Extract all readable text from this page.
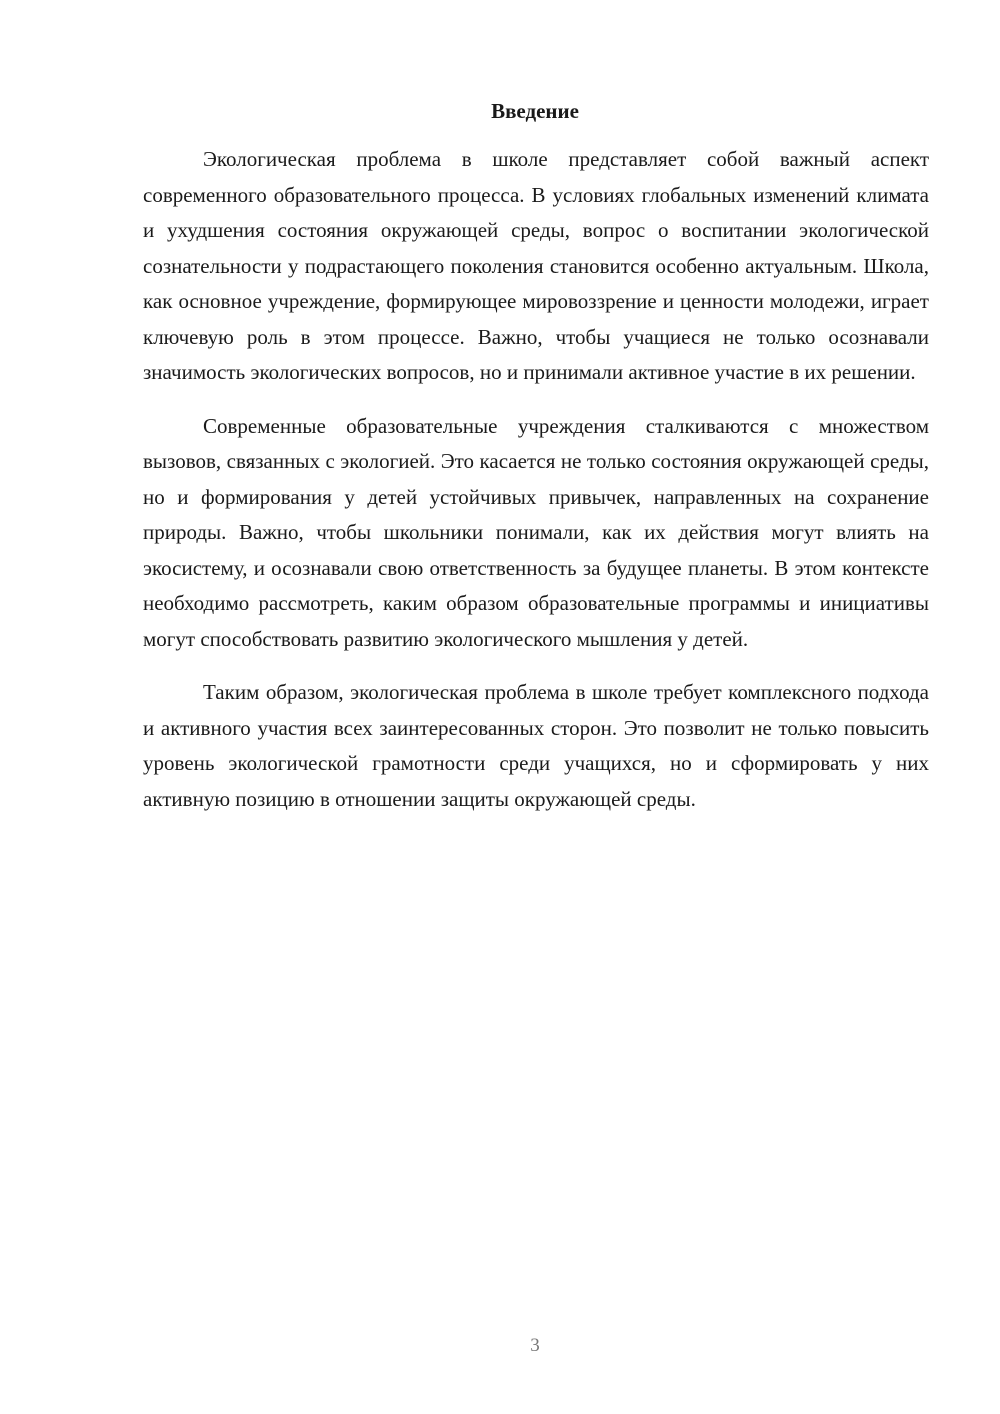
Введение

Экологическая проблема в школе представляет собой важный аспект современного образовательного процесса. В условиях глобальных изменений климата и ухудшения состояния окружающей среды, вопрос о воспитании экологической сознательности у подрастающего поколения становится особенно актуальным. Школа, как основное учреждение, формирующее мировоззрение и ценности молодежи, играет ключевую роль в этом процессе. Важно, чтобы учащиеся не только осознавали значимость экологических вопросов, но и принимали активное участие в их решении.

Современные образовательные учреждения сталкиваются с множеством вызовов, связанных с экологией. Это касается не только состояния окружающей среды, но и формирования у детей устойчивых привычек, направленных на сохранение природы. Важно, чтобы школьники понимали, как их действия могут влиять на экосистему, и осознавали свою ответственность за будущее планеты. В этом контексте необходимо рассмотреть, каким образом образовательные программы и инициативы могут способствовать развитию экологического мышления у детей.

Таким образом, экологическая проблема в школе требует комплексного подхода и активного участия всех заинтересованных сторон. Это позволит не только повысить уровень экологической грамотности среди учащихся, но и сформировать у них активную позицию в отношении защиты окружающей среды.

3
